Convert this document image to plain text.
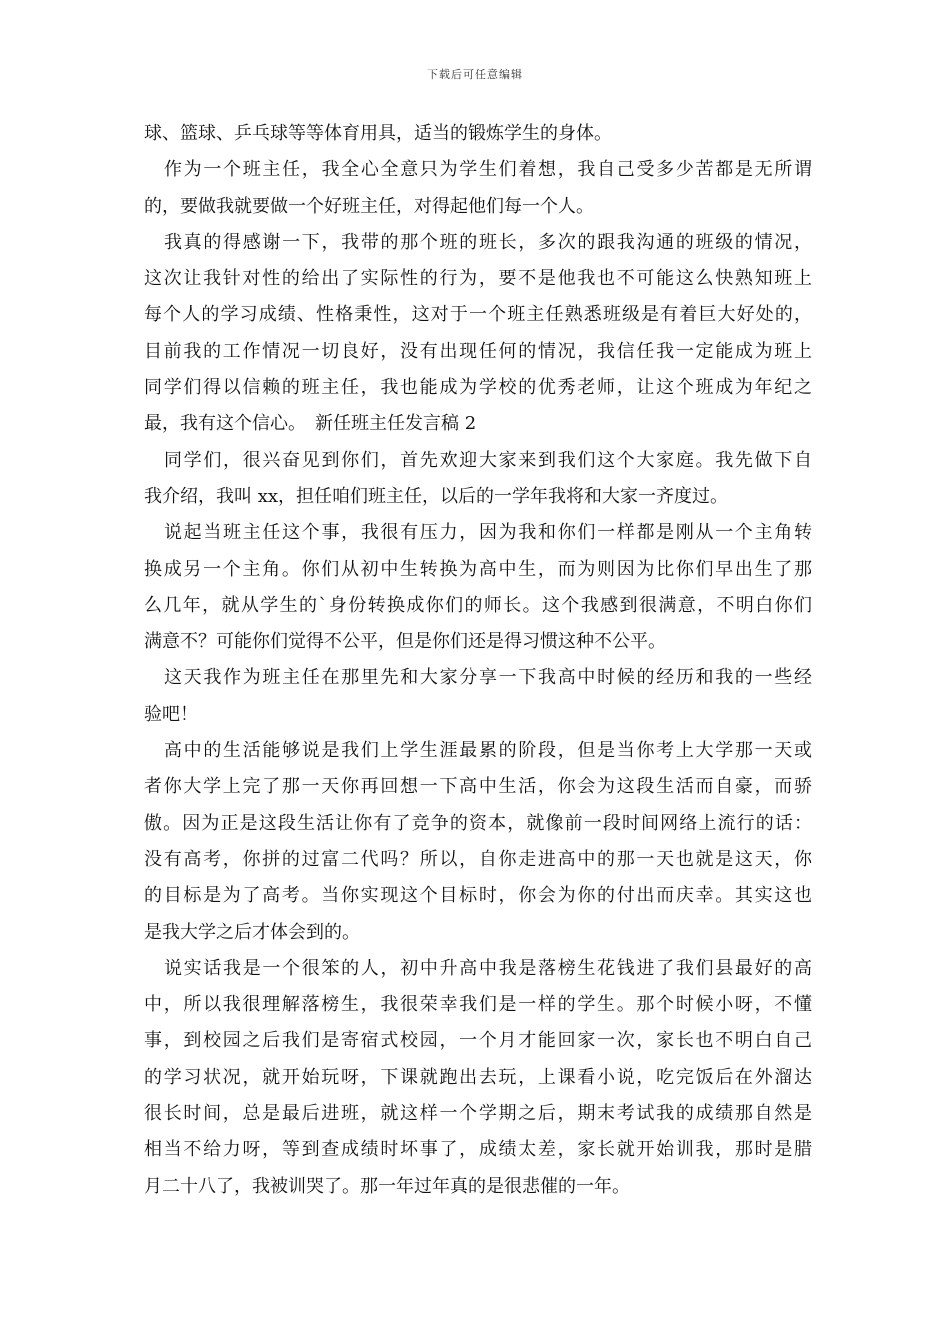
下载后可任意编辑
球、篮球、乒乓球等等体育用具，适当的锻炼学生的身体。
作为一个班主任，我全心全意只为学生们着想，我自己受多少苦都是无所谓
的，要做我就要做一个好班主任，对得起他们每一个人。
我真的得感谢一下，我带的那个班的班长，多次的跟我沟通的班级的情况，
这次让我针对性的给出了实际性的行为，要不是他我也不可能这么快熟知班上
每个人的学习成绩、性格秉性，这对于一个班主任熟悉班级是有着巨大好处的，
目前我的工作情况一切良好，没有出现任何的情况，我信任我一定能成为班上
同学们得以信赖的班主任，我也能成为学校的优秀老师，让这个班成为年纪之
最，我有这个信心。　新任班主任发言稿 2
同学们，很兴奋见到你们，首先欢迎大家来到我们这个大家庭。我先做下自
我介绍，我叫 xx，担任咱们班主任，以后的一学年我将和大家一齐度过。
说起当班主任这个事，我很有压力，因为我和你们一样都是刚从一个主角转
换成另一个主角。你们从初中生转换为高中生，而为则因为比你们早出生了那
么几年，就从学生的`身份转换成你们的师长。这个我感到很满意，不明白你们
满意不？可能你们觉得不公平，但是你们还是得习惯这种不公平。
这天我作为班主任在那里先和大家分享一下我高中时候的经历和我的一些经
验吧！
高中的生活能够说是我们上学生涯最累的阶段，但是当你考上大学那一天或
者你大学上完了那一天你再回想一下高中生活，你会为这段生活而自豪，而骄
傲。因为正是这段生活让你有了竞争的资本，就像前一段时间网络上流行的话：
没有高考，你拼的过富二代吗？所以，自你走进高中的那一天也就是这天，你
的目标是为了高考。当你实现这个目标时，你会为你的付出而庆幸。其实这也
是我大学之后才体会到的。
说实话我是一个很笨的人，初中升高中我是落榜生花钱进了我们县最好的高
中，所以我很理解落榜生，我很荣幸我们是一样的学生。那个时候小呀，不懂
事，到校园之后我们是寄宿式校园，一个月才能回家一次，家长也不明白自己
的学习状况，就开始玩呀，下课就跑出去玩，上课看小说，吃完饭后在外溜达
很长时间，总是最后进班，就这样一个学期之后，期末考试我的成绩那自然是
相当不给力呀，等到查成绩时坏事了，成绩太差，家长就开始训我，那时是腊
月二十八了，我被训哭了。那一年过年真的是很悲催的一年。
